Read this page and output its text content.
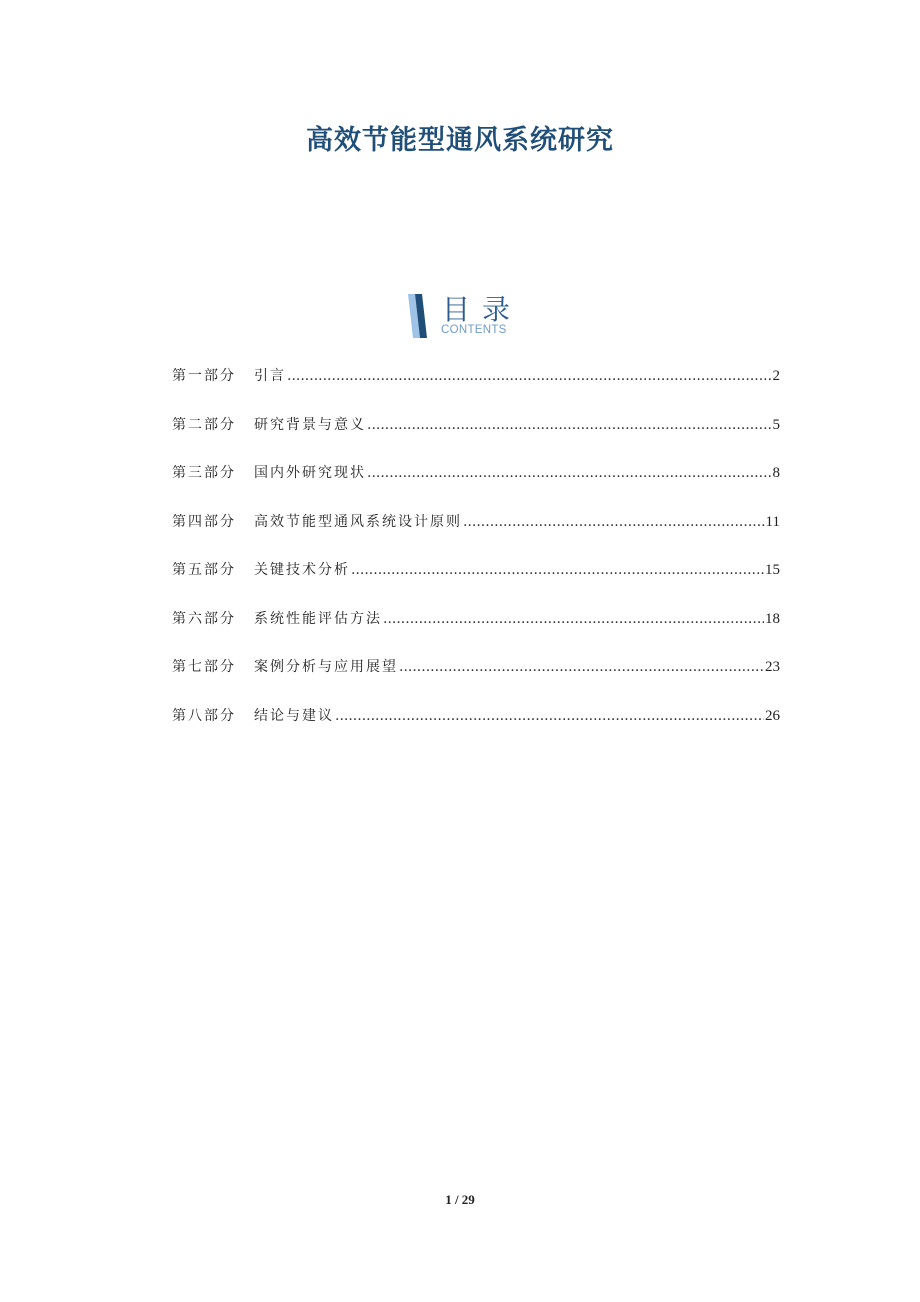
高效节能型通风系统研究
目录
CONTENTS
第一部分	引言 .....	2
第二部分	研究背景与意义 .....	5
第三部分	国内外研究现状 .....	8
第四部分	高效节能型通风系统设计原则 .....	11
第五部分	关键技术分析 .....	15
第六部分	系统性能评估方法 .....	18
第七部分	案例分析与应用展望 .....	23
第八部分	结论与建议 .....	26
1 / 29
